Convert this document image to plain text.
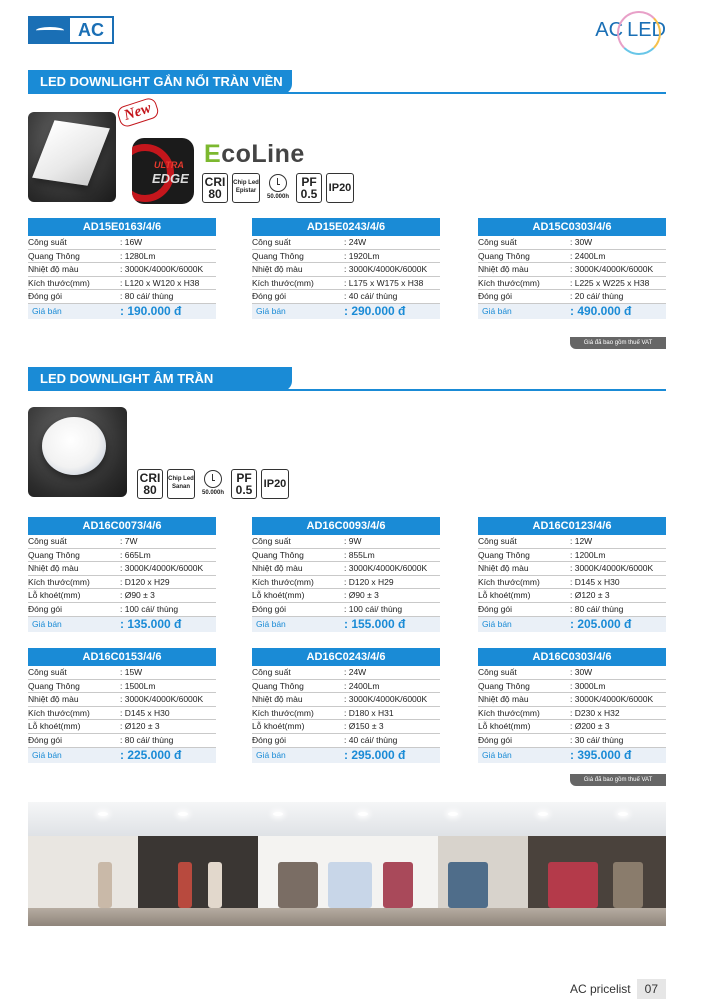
AC	AC LED
LED DOWNLIGHT GẮN NỔI TRÀN VIỀN
New
ULTRA
EDGE
EcoLine
CRI
80
Chip Led
Epistar
50.000h
PF
0.5	IP20
AD15E0163/4/6
Công suất	: 16W
Quang Thông	: 1280Lm
Nhiệt độ màu	: 3000K/4000K/6000K
Kích thước(mm)	: L120 x W120 x H38
Đóng gói	: 80 cái/ thùng
Giá bán	: 190.000 đ
AD15E0243/4/6
Công suất	: 24W
Quang Thông	: 1920Lm
Nhiệt độ màu	: 3000K/4000K/6000K
Kích thước(mm)	: L175 x W175 x H38
Đóng gói	: 40 cái/ thùng
Giá bán	: 290.000 đ
AD15C0303/4/6
Công suất	: 30W
Quang Thông	: 2400Lm
Nhiệt độ màu	: 3000K/4000K/6000K
Kích thước(mm)	: L225 x W225 x H38
Đóng gói	: 20 cái/ thùng
Giá bán	: 490.000 đ
Giá đã bao gồm thuế VAT
LED DOWNLIGHT ÂM TRẦN
CRI
80
Chip Led
Sanan
50.000h
PF
0.5	IP20
AD16C0073/4/6
Công suất	: 7W
Quang Thông	: 665Lm
Nhiệt độ màu	: 3000K/4000K/6000K
Kích thước(mm)	: D120 x H29
Lỗ khoét(mm)	: Ø90 ± 3
Đóng gói	: 100 cái/ thùng
Giá bán	: 135.000 đ
AD16C0093/4/6
Công suất	: 9W
Quang Thông	: 855Lm
Nhiệt độ màu	: 3000K/4000K/6000K
Kích thước(mm)	: D120 x H29
Lỗ khoét(mm)	: Ø90 ± 3
Đóng gói	: 100 cái/ thùng
Giá bán	: 155.000 đ
AD16C0123/4/6
Công suất	: 12W
Quang Thông	: 1200Lm
Nhiệt độ màu	: 3000K/4000K/6000K
Kích thước(mm)	: D145 x H30
Lỗ khoét(mm)	: Ø120 ± 3
Đóng gói	: 80 cái/ thùng
Giá bán	: 205.000 đ
AD16C0153/4/6
Công suất	: 15W
Quang Thông	: 1500Lm
Nhiệt độ màu	: 3000K/4000K/6000K
Kích thước(mm)	: D145 x H30
Lỗ khoét(mm)	: Ø120 ± 3
Đóng gói	: 80 cái/ thùng
Giá bán	: 225.000 đ
AD16C0243/4/6
Công suất	: 24W
Quang Thông	: 2400Lm
Nhiệt độ màu	: 3000K/4000K/6000K
Kích thước(mm)	: D180 x H31
Lỗ khoét(mm)	: Ø150 ± 3
Đóng gói	: 40 cái/ thùng
Giá bán	: 295.000 đ
AD16C0303/4/6
Công suất	: 30W
Quang Thông	: 3000Lm
Nhiệt độ màu	: 3000K/4000K/6000K
Kích thước(mm)	: D230 x H32
Lỗ khoét(mm)	: Ø200 ± 3
Đóng gói	: 30 cái/ thùng
Giá bán	: 395.000 đ
Giá đã bao gồm thuế VAT
AC pricelist	07
